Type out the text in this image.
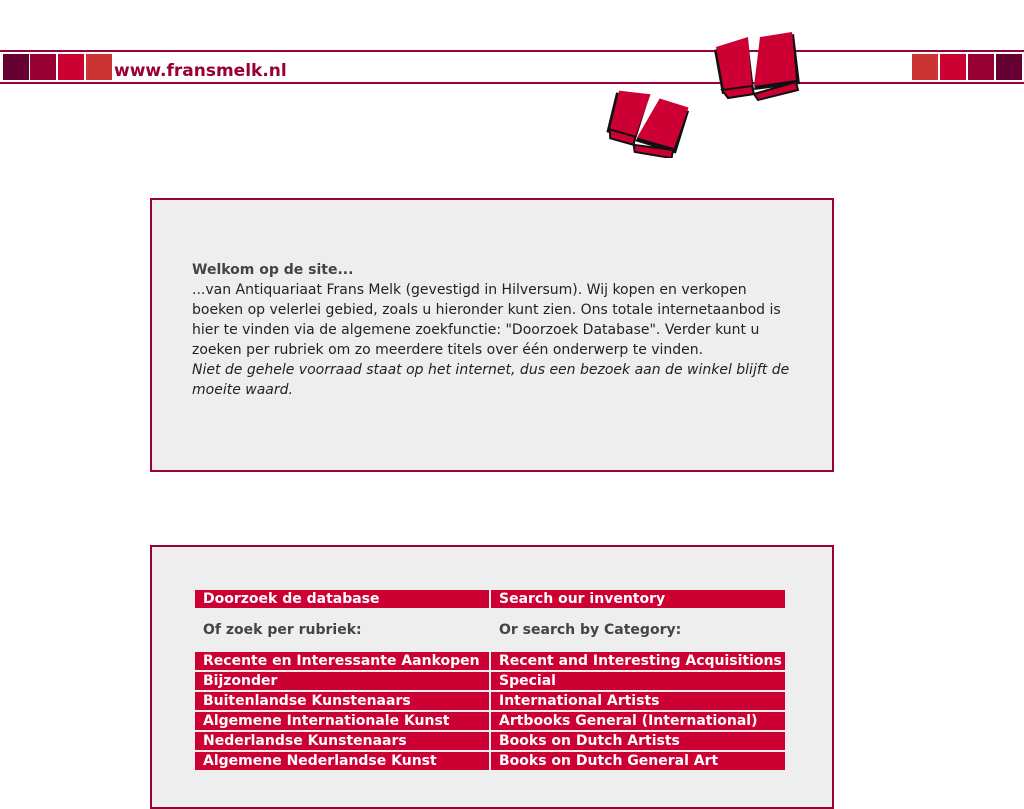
www.fransmelk.nl
Welkom op de site...

...van Antiquariaat Frans Melk (gevestigd in Hilversum). Wij kopen en verkopen boeken op velerlei gebied, zoals u hieronder kunt zien. Ons totale internetaanbod is hier te vinden via de algemene zoekfunctie: "Doorzoek Database". Verder kunt u zoeken per rubriek om zo meerdere titels over één onderwerp te vinden.

Niet de gehele voorraad staat op het internet, dus een bezoek aan de winkel blijft de moeite waard.

Doorzoek de database	Search our inventory
Of zoek per rubriek:	Or search by Category:
Recente en Interessante Aankopen	Recent and Interesting Acquisitions
Bijzonder	Special
Buitenlandse Kunstenaars	International Artists
Algemene Internationale Kunst	Artbooks General (International)
Nederlandse Kunstenaars	Books on Dutch Artists
Algemene Nederlandse Kunst	Books on Dutch General Art
